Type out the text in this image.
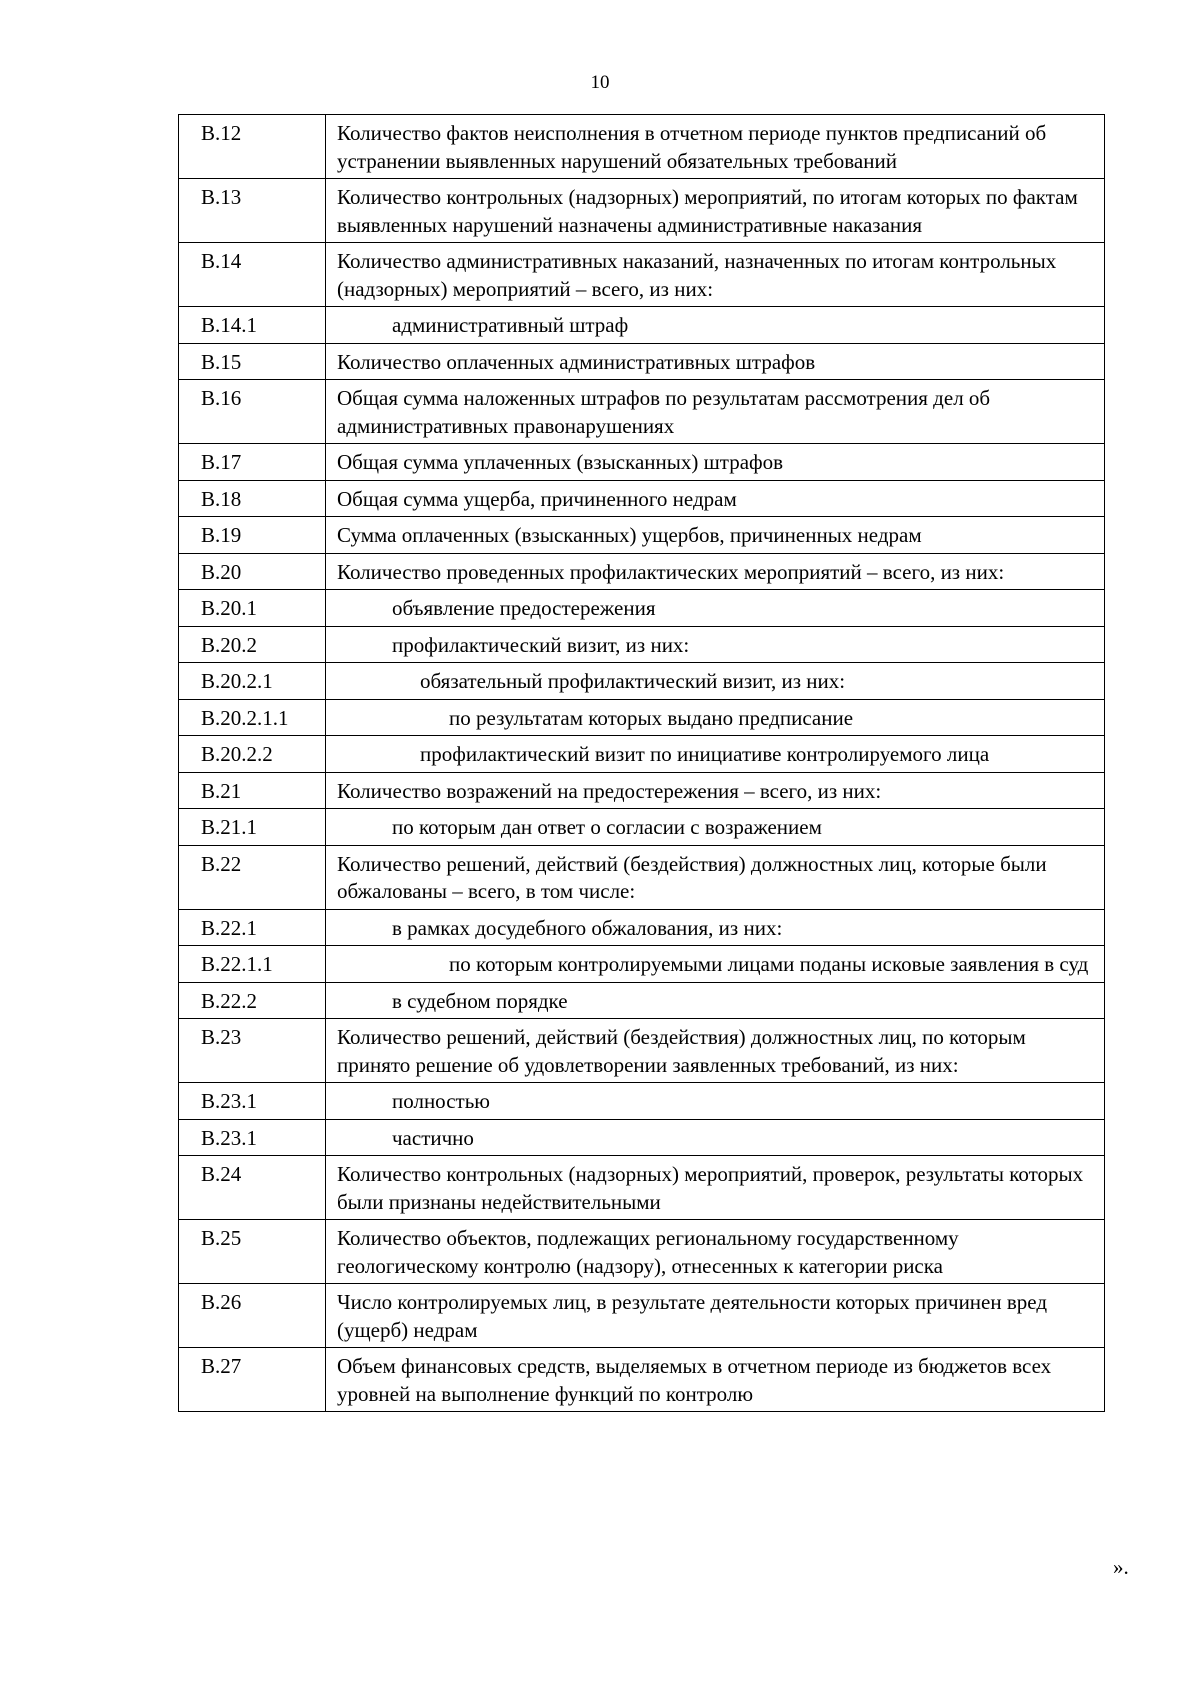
10
В.12	Количество фактов неисполнения в отчетном периоде пунктов предписаний об устранении выявленных нарушений обязательных требований

В.13	Количество контрольных (надзорных) мероприятий, по итогам которых по фактам выявленных нарушений назначены административные наказания

В.14	Количество административных наказаний, назначенных по итогам контрольных (надзорных) мероприятий – всего, из них:

В.14.1	административный штраф

В.15	Количество оплаченных административных штрафов

В.16	Общая сумма наложенных штрафов по результатам рассмотрения дел об административных правонарушениях

В.17	Общая сумма уплаченных (взысканных) штрафов

В.18	Общая сумма ущерба, причиненного недрам

В.19	Сумма оплаченных (взысканных) ущербов, причиненных недрам

В.20	Количество проведенных профилактических мероприятий – всего, из них:

В.20.1	объявление предостережения

В.20.2	профилактический визит, из них:

В.20.2.1	обязательный профилактический визит, из них:

В.20.2.1.1	по результатам которых выдано предписание

В.20.2.2	профилактический визит по инициативе контролируемого лица

В.21	Количество возражений на предостережения – всего, из них:

В.21.1	по которым дан ответ о согласии с возражением

В.22	Количество решений, действий (бездействия) должностных лиц, которые были обжалованы – всего, в том числе:

В.22.1	в рамках досудебного обжалования, из них:

В.22.1.1	по которым контролируемыми лицами поданы исковые заявления в суд

В.22.2	в судебном порядке

В.23	Количество решений, действий (бездействия) должностных лиц, по которым принято решение об удовлетворении заявленных требований, из них:

В.23.1	полностью

В.23.1	частично

В.24	Количество контрольных (надзорных) мероприятий, проверок, результаты которых были признаны недействительными

В.25	Количество объектов, подлежащих региональному государственному геологическому контролю (надзору), отнесенных к категории риска

В.26	Число контролируемых лиц, в результате деятельности которых причинен вред (ущерб) недрам

В.27	Объем финансовых средств, выделяемых в отчетном периоде из бюджетов всех уровней на выполнение функций по контролю
».
